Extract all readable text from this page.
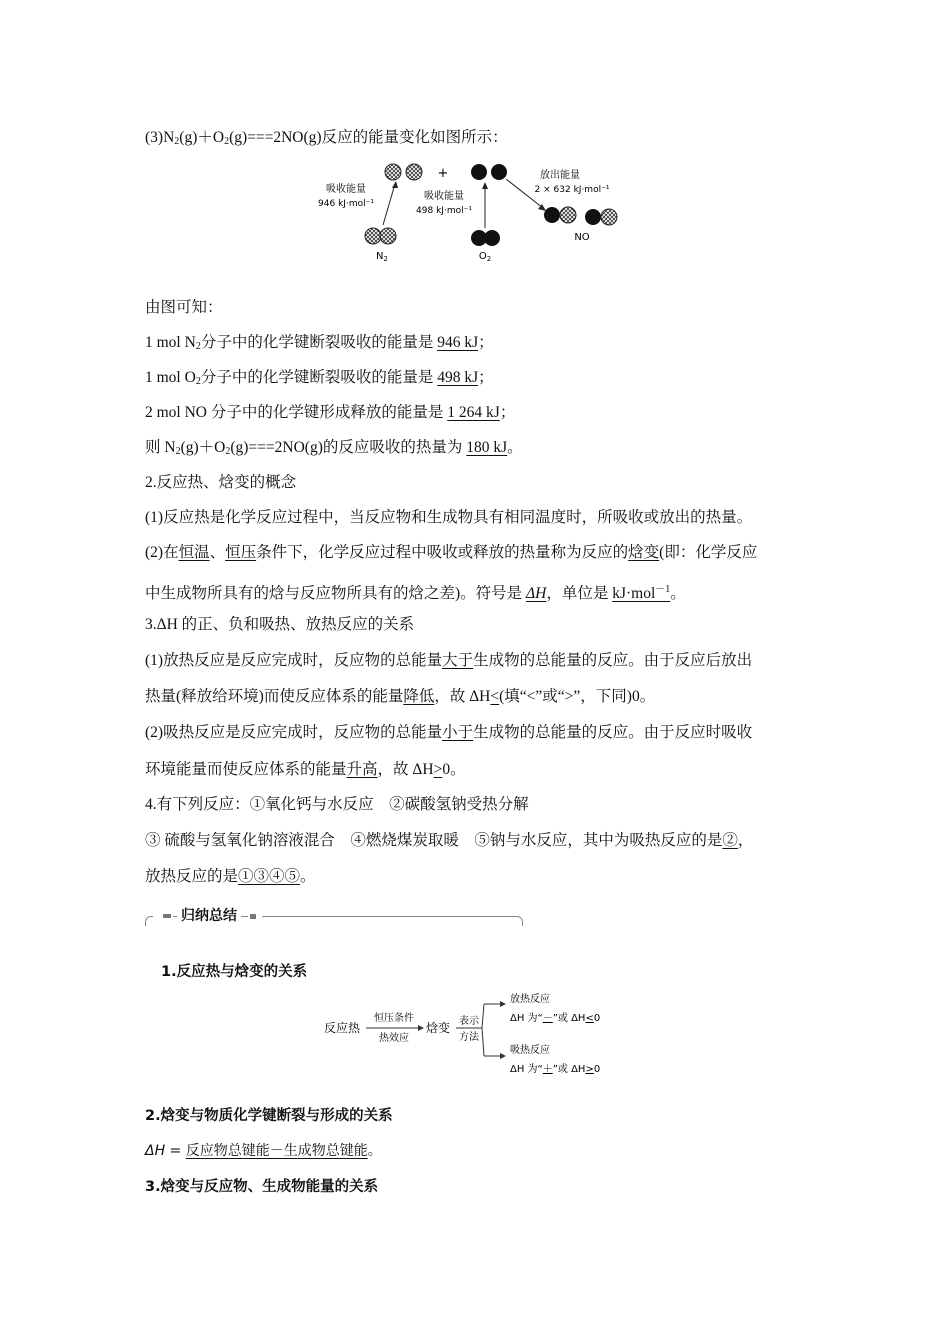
$(3)N_2(g)+O_2(g)===2NO(g)$反应的能量变化如图所示：
+
$N_2$	$O_2$
NO
吸收能量
946 kJ·mol⁻¹
吸收能量
498 kJ·mol⁻¹
放出能量
2 × 632 kJ·mol⁻¹
由图可知：
1 mol $N_2$分子中的化学键断裂吸收的能量是 946 kJ；
1 mol $O_2$分子中的化学键断裂吸收的能量是 498 kJ；
2 mol NO 分子中的化学键形成释放的能量是 1 264 kJ；
则 $N_2(g)+O_2(g)===2NO(g)$的反应吸收的热量为 180 kJ。
2.反应热、焓变的概念
(1)反应热是化学反应过程中，当反应物和生成物具有相同温度时，所吸收或放出的热量。
(2)在恒温、恒压条件下，化学反应过程中吸收或释放的热量称为反应的焓变(即：化学反应
中生成物所具有的焓与反应物所具有的焓之差)。符号是 ΔH，单位是 kJ·mol$^{-1}$。
3.ΔH 的正、负和吸热、放热反应的关系
(1)放热反应是反应完成时，反应物的总能量大于生成物的总能量的反应。由于反应后放出
热量(释放给环境)而使反应体系的能量降低，故 ΔH<(填“<”或“>”，下同)0。
(2)吸热反应是反应完成时，反应物的总能量小于生成物的总能量的反应。由于反应时吸收
环境能量而使反应体系的能量升高，故 ΔH>0。
4.有下列反应：①氧化钙与水反应　②碳酸氢钠受热分解
③ 硫酸与氢氧化钠溶液混合　④燃烧煤炭取暖　⑤钠与水反应，其中为吸热反应的是②，
放热反应的是①③④⑤。
归纳总结
1.反应热与焓变的关系
反应热
恒压条件
热效应
焓变 表示
方法
放热反应
ΔH 为“－”或 ΔH<0
吸热反应
ΔH 为“＋”或 ΔH>0
2.焓变与物质化学键断裂与形成的关系
ΔH = 反应物总键能－生成物总键能。
3.焓变与反应物、生成物能量的关系
